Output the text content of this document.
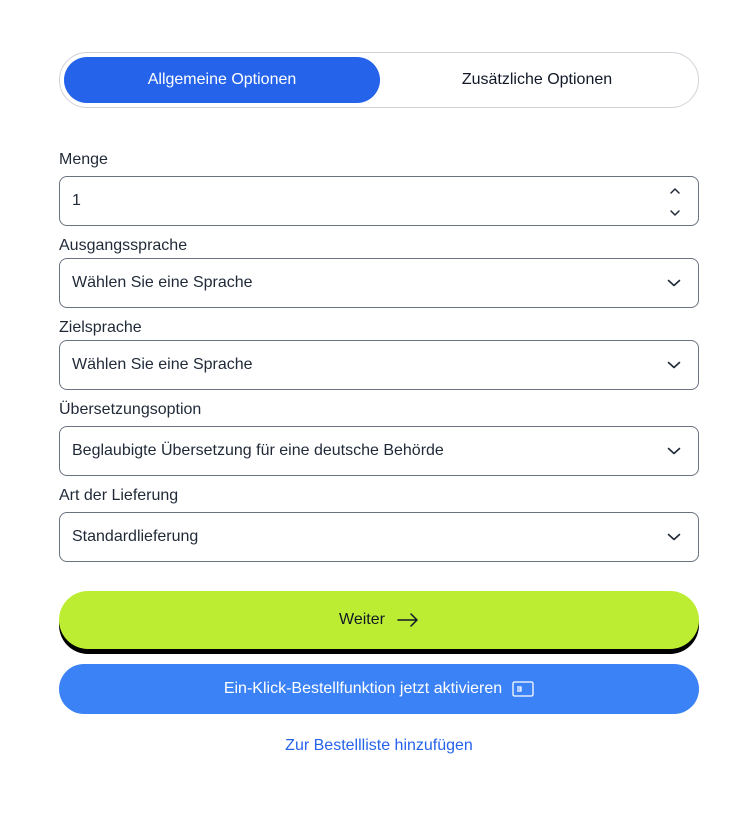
Allgemeine Optionen	Zusätzliche Optionen
Menge
1
Ausgangssprache
Wählen Sie eine Sprache
Zielsprache
Wählen Sie eine Sprache
Übersetzungsoption
Beglaubigte Übersetzung für eine deutsche Behörde
Art der Lieferung
Standardlieferung
Weiter
Ein-Klick-Bestellfunktion jetzt aktivieren
Zur Bestellliste hinzufügen
